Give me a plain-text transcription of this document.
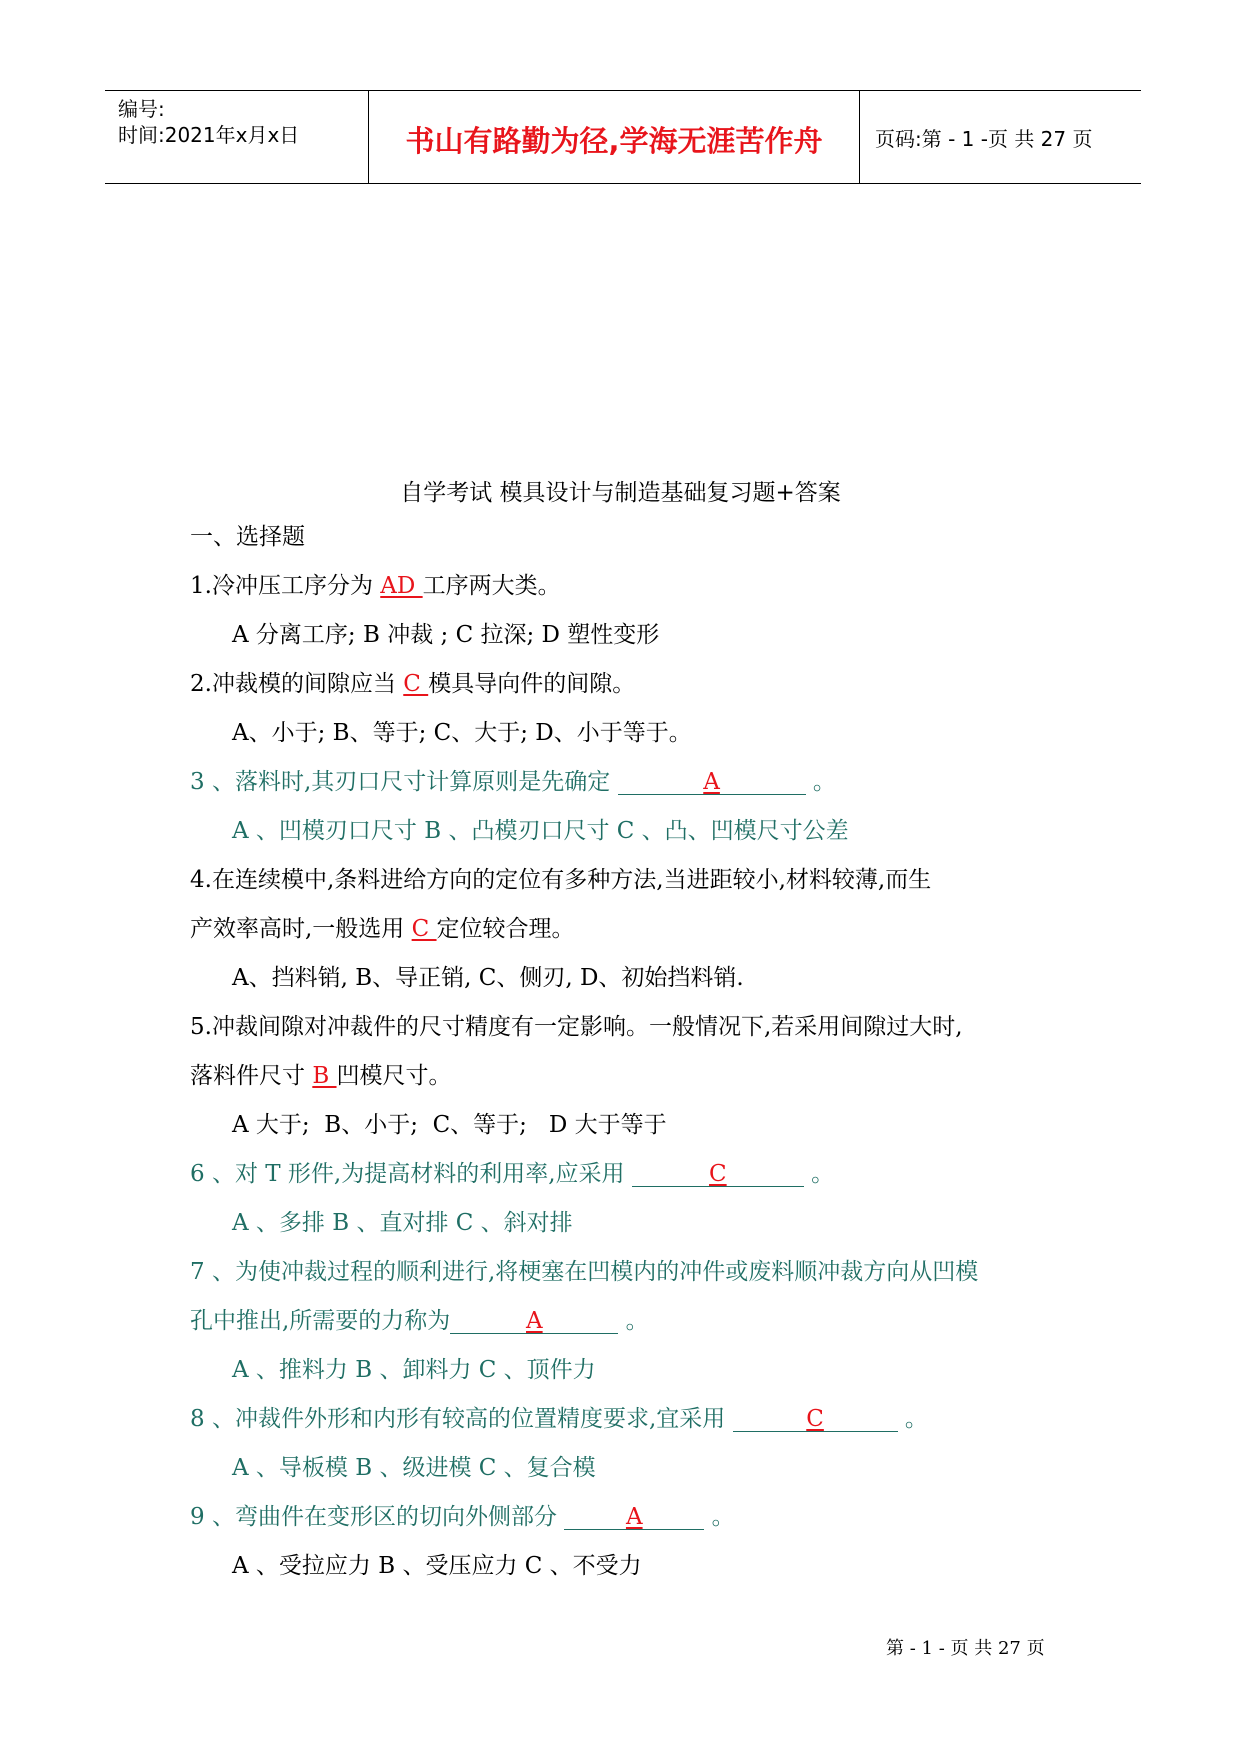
编号:
时间:2021年x月x日	书山有路勤为径,学海无涯苦作舟	页码:第 - 1 -页 共 27 页
自学考试 模具设计与制造基础复习题+答案
一、选择题
1.冷冲压工序分为 AD 工序两大类。
A 分离工序; B 冲裁 ; C 拉深; D 塑性变形
2.冲裁模的间隙应当 C 模具导向件的间隙。
A、小于; B、等于; C、大于; D、小于等于。
3 、落料时,其刃口尺寸计算原则是先确定	A	。
A 、凹模刃口尺寸 B 、凸模刃口尺寸 C 、凸、凹模尺寸公差
4.在连续模中,条料进给方向的定位有多种方法,当进距较小,材料较薄,而生
产效率高时,一般选用 C 定位较合理。
A、挡料销, B、导正销, C、侧刃, D、初始挡料销.
5.冲裁间隙对冲裁件的尺寸精度有一定影响。一般情况下,若采用间隙过大时,
落料件尺寸 B 凹模尺寸。
A 大于;  B、小于;  C、等于;   D 大于等于
6 、对 T 形件,为提高材料的利用率,应采用	C	。
A 、多排 B 、直对排 C 、斜对排
7 、为使冲裁过程的顺利进行,将梗塞在凹模内的冲件或废料顺冲裁方向从凹模
孔中推出,所需要的力称为	A	。
A 、推料力 B 、卸料力 C 、顶件力
8 、冲裁件外形和内形有较高的位置精度要求,宜采用	C	。
A 、导板模 B 、级进模 C 、复合模
9 、弯曲件在变形区的切向外侧部分	A	。
A 、受拉应力 B 、受压应力 C 、不受力
第 - 1 - 页 共 27 页
